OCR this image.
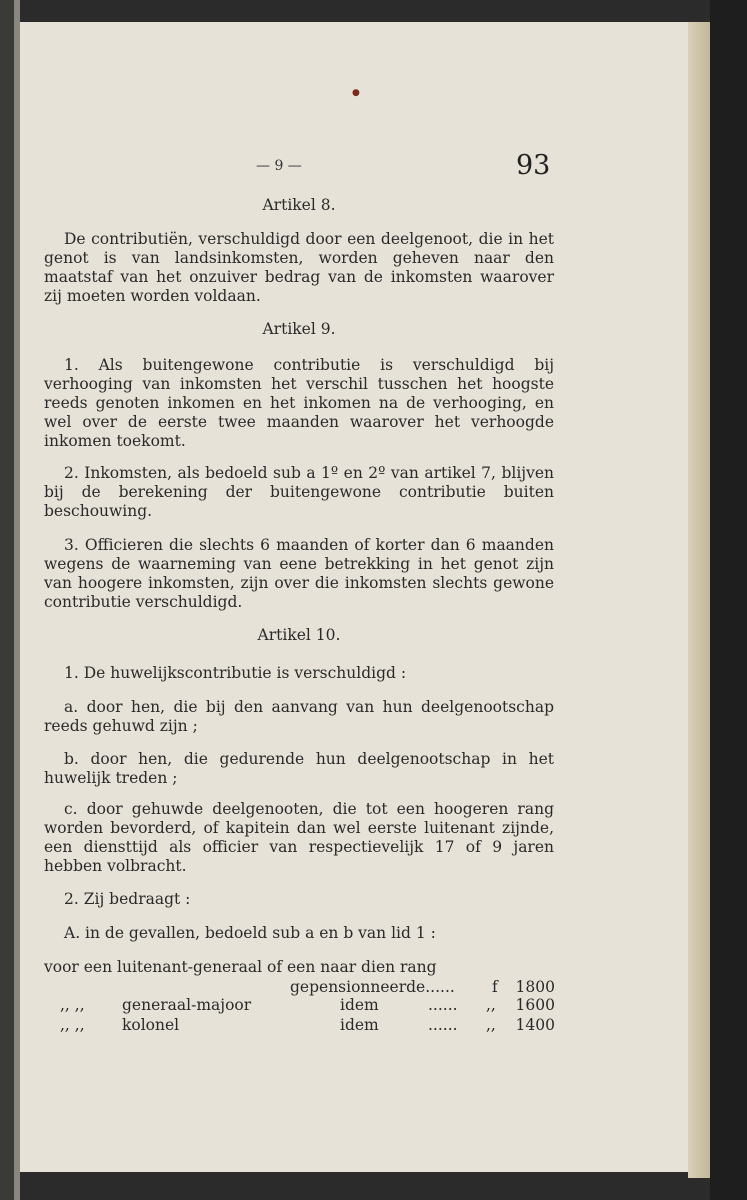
●
— 9 —	93
Artikel 8.
De contributiën, verschuldigd door een deelgenoot, die in het genot is van landsinkomsten, worden geheven naar den maatstaf van het onzuiver bedrag van de inkomsten waarover zij moeten worden voldaan.
Artikel 9.
1. Als buitengewone contributie is verschuldigd bij verhooging van inkomsten het verschil tusschen het hoogste reeds genoten inkomen en het inkomen na de verhooging, en wel over de eerste twee maanden waarover het verhoogde inkomen toekomt.
2. Inkomsten, als bedoeld sub a 1º en 2º van artikel 7, blijven bij de berekening der buitengewone contributie buiten beschouwing.
3. Officieren die slechts 6 maanden of korter dan 6 maanden wegens de waarneming van eene betrekking in het genot zijn van hoogere inkomsten, zijn over die inkomsten slechts gewone contributie verschuldigd.
Artikel 10.
1. De huwelijkscontributie is verschuldigd :
a. door hen, die bij den aanvang van hun deelgenootschap reeds gehuwd zijn ;
b. door hen, die gedurende hun deelgenootschap in het huwelijk treden ;
c. door gehuwde deelgenooten, die tot een hoogeren rang worden bevorderd, of kapitein dan wel eerste luitenant zijnde, een diensttijd als officier van respectievelijk 17 of 9 jaren hebben volbracht.
2. Zij bedraagt :
A. in de gevallen, bedoeld sub a en b van lid 1 :
voor een luitenant-generaal of een naar dien rang
gepensionneerde...... f	1800
,, ,, generaal-majoor	idem	...... ,,	1600
,, ,, kolonel	idem	...... ,,	1400
